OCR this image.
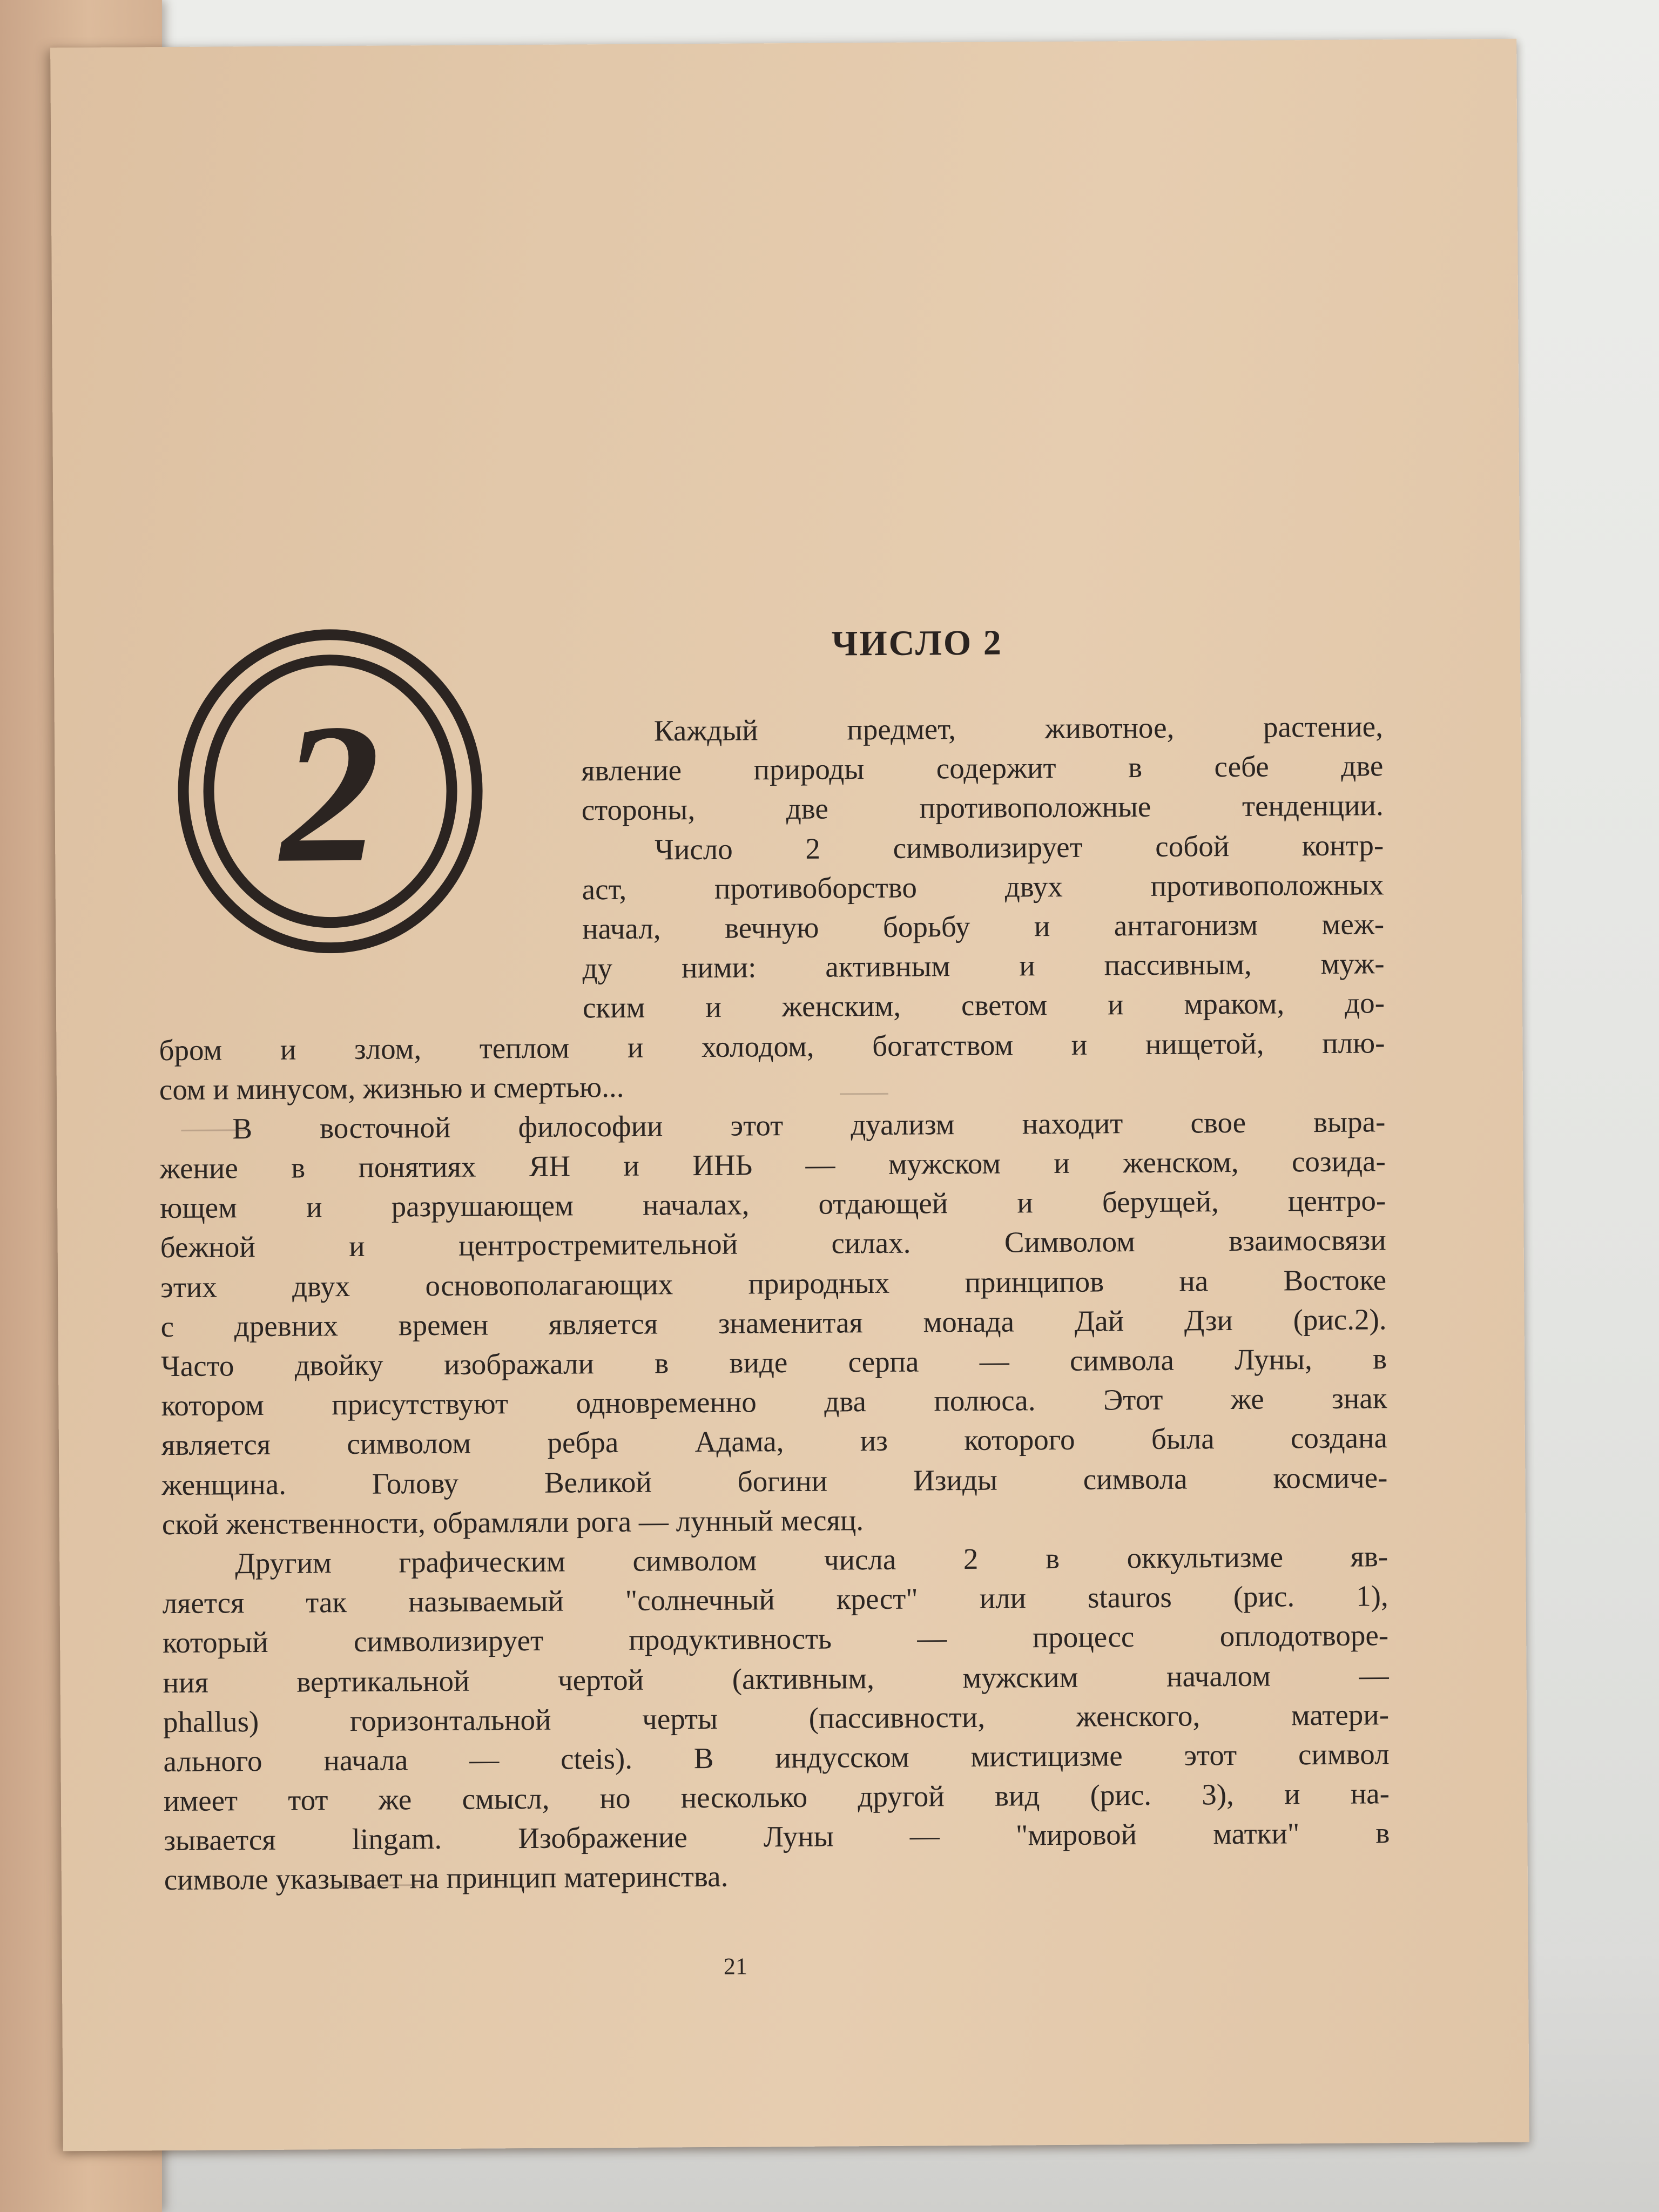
2
ЧИСЛО 2
Каждый предмет, животное, растение,
явление природы содержит в себе две
стороны, две противоположные тенденции.
Число 2 символизирует собой контр-
аст, противоборство двух противоположных
начал, вечную борьбу и антагонизм меж-
ду ними: активным и пассивным, муж-
ским и женским, светом и мраком, до-
бром и злом, теплом и холодом, богатством и нищетой, плю-
сом и минусом, жизнью и смертью...
В восточной философии этот дуализм находит свое выра-
жение в понятиях ЯН и ИНЬ — мужском и женском, созида-
ющем и разрушающем началах, отдающей и берущей, центро-
бежной и центростремительной силах. Символом взаимосвязи
этих двух основополагающих природных принципов на Востоке
с древних времен является знаменитая монада Дай Дзи (рис.2).
Часто двойку изображали в виде серпа — символа Луны, в
котором присутствуют одновременно два полюса. Этот же знак
является символом ребра Адама, из которого была создана
женщина. Голову Великой богини Изиды символа космиче-
ской женственности, обрамляли рога — лунный месяц.
Другим графическим символом числа 2 в оккультизме яв-
ляется так называемый "солнечный крест" или stauros (рис. 1),
который символизирует продуктивность — процесс оплодотворе-
ния вертикальной чертой (активным, мужским началом —
phallus) горизонтальной черты (пассивности, женского, матери-
ального начала — cteis). В индусском мистицизме этот символ
имеет тот же смысл, но несколько другой вид (рис. 3), и на-
зывается lingam. Изображение Луны — "мировой матки" в
символе указывает на принцип материнства.
21
